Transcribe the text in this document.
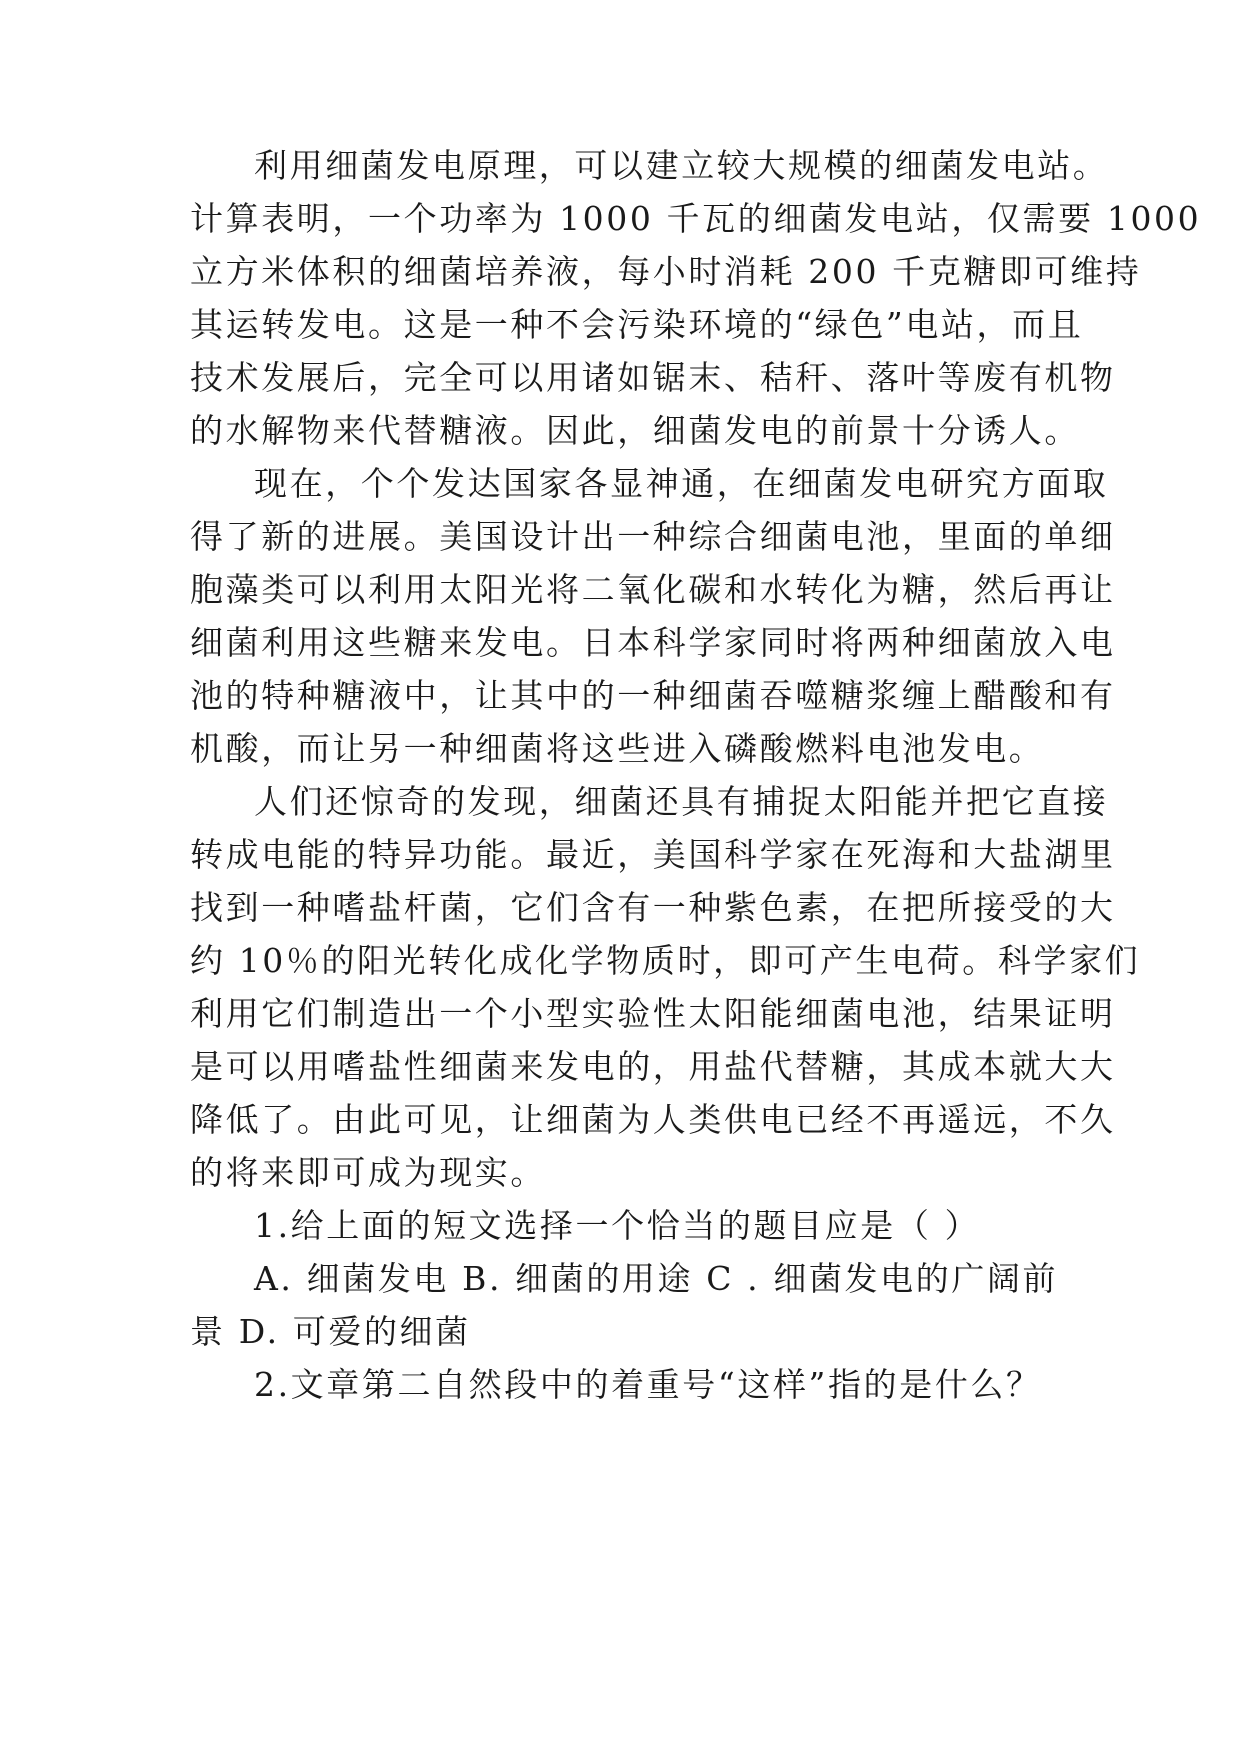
利用细菌发电原理，可以建立较大规模的细菌发电站。
计算表明，一个功率为 1000 千瓦的细菌发电站，仅需要 1000
立方米体积的细菌培养液，每小时消耗 200 千克糖即可维持
其运转发电。这是一种不会污染环境的“绿色”电站，而且
技术发展后，完全可以用诸如锯末、秸秆、落叶等废有机物
的水解物来代替糖液。因此，细菌发电的前景十分诱人。
现在，个个发达国家各显神通，在细菌发电研究方面取
得了新的进展。美国设计出一种综合细菌电池，里面的单细
胞藻类可以利用太阳光将二氧化碳和水转化为糖，然后再让
细菌利用这些糖来发电。日本科学家同时将两种细菌放入电
池的特种糖液中，让其中的一种细菌吞噬糖浆缠上醋酸和有
机酸，而让另一种细菌将这些进入磷酸燃料电池发电。
人们还惊奇的发现，细菌还具有捕捉太阳能并把它直接
转成电能的特异功能。最近，美国科学家在死海和大盐湖里
找到一种嗜盐杆菌，它们含有一种紫色素，在把所接受的大
约 10％的阳光转化成化学物质时，即可产生电荷。科学家们
利用它们制造出一个小型实验性太阳能细菌电池，结果证明
是可以用嗜盐性细菌来发电的，用盐代替糖，其成本就大大
降低了。由此可见，让细菌为人类供电已经不再遥远，不久
的将来即可成为现实。
1.给上面的短文选择一个恰当的题目应是（ ）
A. 细菌发电 B. 细菌的用途 C . 细菌发电的广阔前
景 D. 可爱的细菌
2.文章第二自然段中的着重号“这样”指的是什么？
